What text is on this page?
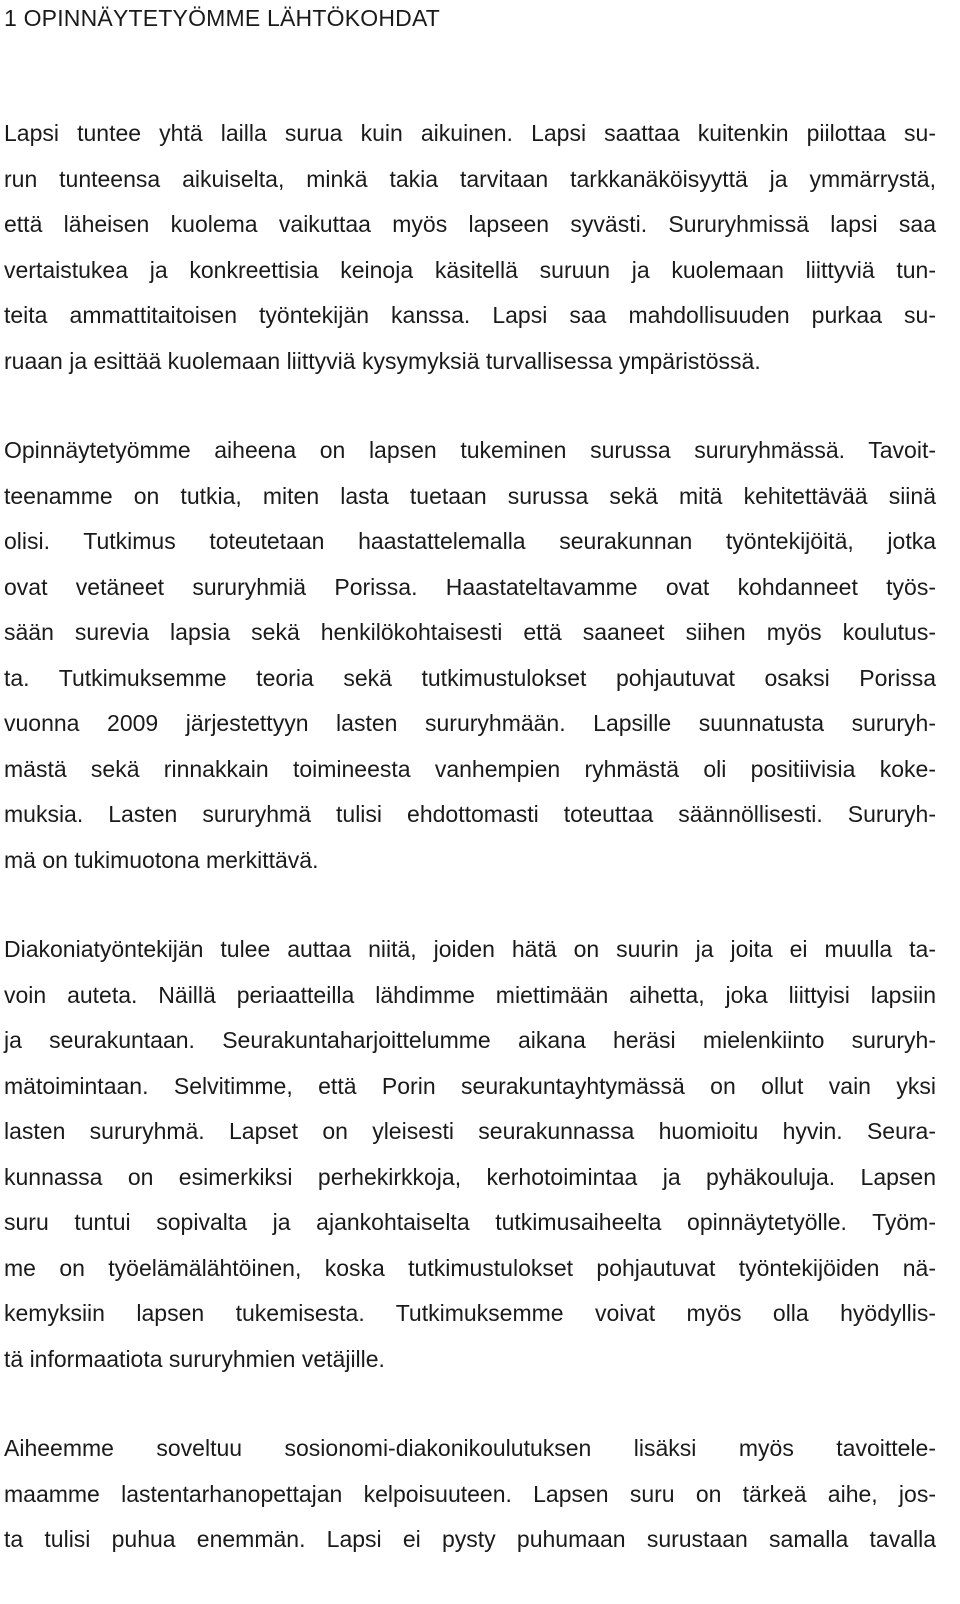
1 OPINNÄYTETYÖMME LÄHTÖKOHDAT

Lapsi tuntee yhtä lailla surua kuin aikuinen. Lapsi saattaa kuitenkin piilottaa su-
run tunteensa aikuiselta, minkä takia tarvitaan tarkkanäköisyyttä ja ymmärrystä,
että läheisen kuolema vaikuttaa myös lapseen syvästi. Sururyhmissä lapsi saa
vertaistukea ja konkreettisia keinoja käsitellä suruun ja kuolemaan liittyviä tun-
teita ammattitaitoisen työntekijän kanssa. Lapsi saa mahdollisuuden purkaa su-
ruaan ja esittää kuolemaan liittyviä kysymyksiä turvallisessa ympäristössä.

Opinnäytetyömme aiheena on lapsen tukeminen surussa sururyhmässä. Tavoit-
teenamme on tutkia, miten lasta tuetaan surussa sekä mitä kehitettävää siinä
olisi. Tutkimus toteutetaan haastattelemalla seurakunnan työntekijöitä, jotka
ovat vetäneet sururyhmiä Porissa. Haastateltavamme ovat kohdanneet työs-
sään surevia lapsia sekä henkilökohtaisesti että saaneet siihen myös koulutus-
ta. Tutkimuksemme teoria sekä tutkimustulokset pohjautuvat osaksi Porissa
vuonna 2009 järjestettyyn lasten sururyhmään. Lapsille suunnatusta sururyh-
mästä sekä rinnakkain toimineesta vanhempien ryhmästä oli positiivisia koke-
muksia. Lasten sururyhmä tulisi ehdottomasti toteuttaa säännöllisesti. Sururyh-
mä on tukimuotona merkittävä.

Diakoniatyöntekijän tulee auttaa niitä, joiden hätä on suurin ja joita ei muulla ta-
voin auteta. Näillä periaatteilla lähdimme miettimään aihetta, joka liittyisi lapsiin
ja seurakuntaan. Seurakuntaharjoittelumme aikana heräsi mielenkiinto sururyh-
mätoimintaan. Selvitimme, että Porin seurakuntayhtymässä on ollut vain yksi
lasten sururyhmä. Lapset on yleisesti seurakunnassa huomioitu hyvin. Seura-
kunnassa on esimerkiksi perhekirkkoja, kerhotoimintaa ja pyhäkouluja. Lapsen
suru tuntui sopivalta ja ajankohtaiselta tutkimusaiheelta opinnäytetyölle. Työm-
me on työelämälähtöinen, koska tutkimustulokset pohjautuvat työntekijöiden nä-
kemyksiin lapsen tukemisesta. Tutkimuksemme voivat myös olla hyödyllis-
tä informaatiota sururyhmien vetäjille.

Aiheemme soveltuu sosionomi-diakonikoulutuksen lisäksi myös tavoittele-
maamme lastentarhanopettajan kelpoisuuteen. Lapsen suru on tärkeä aihe, jos-
ta tulisi puhua enemmän. Lapsi ei pysty puhumaan surustaan samalla tavalla
